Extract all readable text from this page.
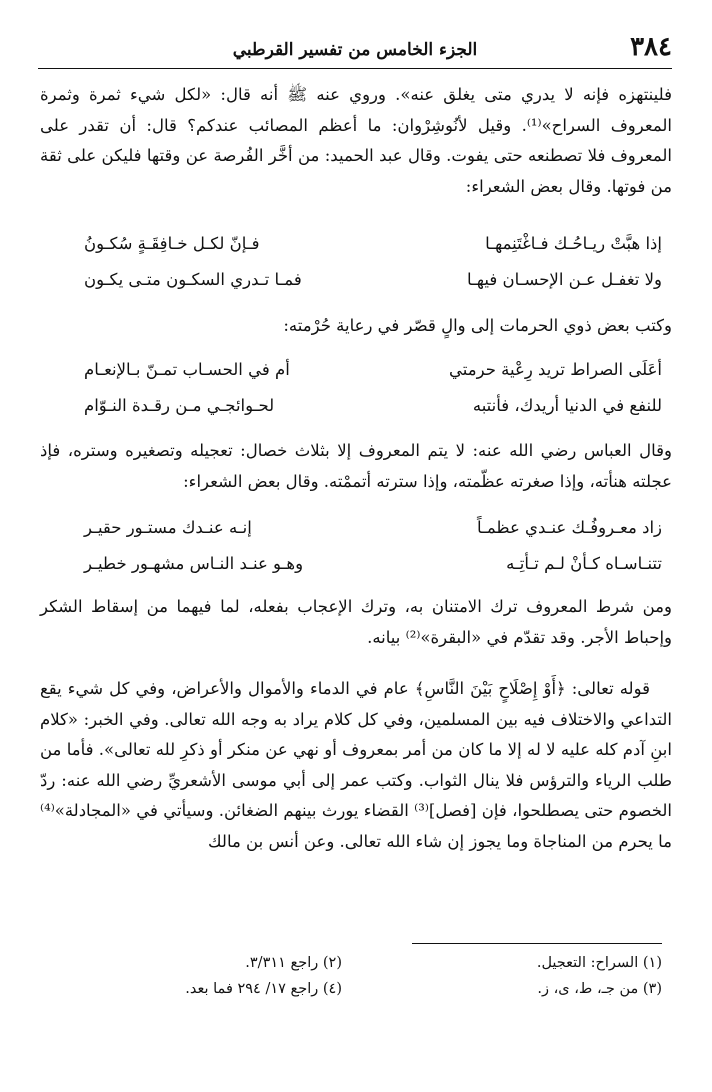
٣٨٤
الجزء الخامس من تفسير القرطبي

فلينتهزه فإنه لا يدري متى يغلق عنه». وروي عنه ﷺ أنه قال: «لكل شيء ثمرة وثمرة المعروف السراح»⁽¹⁾. وقيل لأنُوشِرْوان: ما أعظم المصائب عندكم؟ قال: أن تقدر على المعروف فلا تصطنعه حتى يفوت. وقال عبد الحميد: من أخَّر الفُرصة عن وقتها فليكن على ثقة من فوتها. وقال بعض الشعراء:

إذا هبَّتْ ريـاحُـك فـاغْتَنِمهـا
فـإنّ لكـل خـافِقَـةٍ سُكـونُ
ولا تغفـل عـن الإحسـان فيهـا
فمـا تـدري السكـون متـى يكـون

وكتب بعض ذوي الحرمات إلى والٍ قصّر في رعاية حُرْمته:

أعَلَى الصراط تريد رِعْية حرمتي
أم في الحسـاب تمـنّ بـالإنعـام
للنفع في الدنيا أريدك، فأنتبه
لحـوائجـي مـن رقـدة النـوّام

وقال العباس رضي الله عنه: لا يتم المعروف إلا بثلاث خصال: تعجيله وتصغيره وستره، فإذ عجلته هنأته، وإذا صغرته عظّمته، وإذا سترته أتممْته. وقال بعض الشعراء:

زاد معـروفُـك عنـدي عظمـاً
إنـه عنـدك مستـور حقيـر
تتنـاسـاه كـأنْ لـم تـأتِـه
وهـو عنـد النـاس مشهـور خطيـر

ومن شرط المعروف ترك الامتنان به، وترك الإعجاب بفعله، لما فيهما من إسقاط الشكر وإحباط الأجر. وقد تقدّم في «البقرة»⁽²⁾ بيانه.

قوله تعالى: ﴿أَوْ إِصْلَاحٍ بَيْنَ النَّاسِ﴾ عام في الدماء والأموال والأعراض، وفي كل شيء يقع التداعي والاختلاف فيه بين المسلمين، وفي كل كلام يراد به وجه الله تعالى. وفي الخبر: «كلام ابنِ آدم كله عليه لا له إلا ما كان من أمر بمعروف أو نهي عن منكر أو ذكرِ لله تعالى». فأما من طلب الرياء والترؤس فلا ينال الثواب. وكتب عمر إلى أبي موسى الأشعريِّ رضي الله عنه: ردّ الخصوم حتى يصطلحوا، فإن [فصل]⁽³⁾ القضاء يورث بينهم الضغائن. وسيأتي في «المجادلة»⁽⁴⁾ ما يحرم من المناجاة وما يجوز إن شاء الله تعالى. وعن أنس بن مالك

(١) السراح: التعجيل.
(٢) راجع ٣/٣١١.
(٣) من جـ، ط، ى، ز.
(٤) راجع ١٧/ ٢٩٤ فما بعد.
